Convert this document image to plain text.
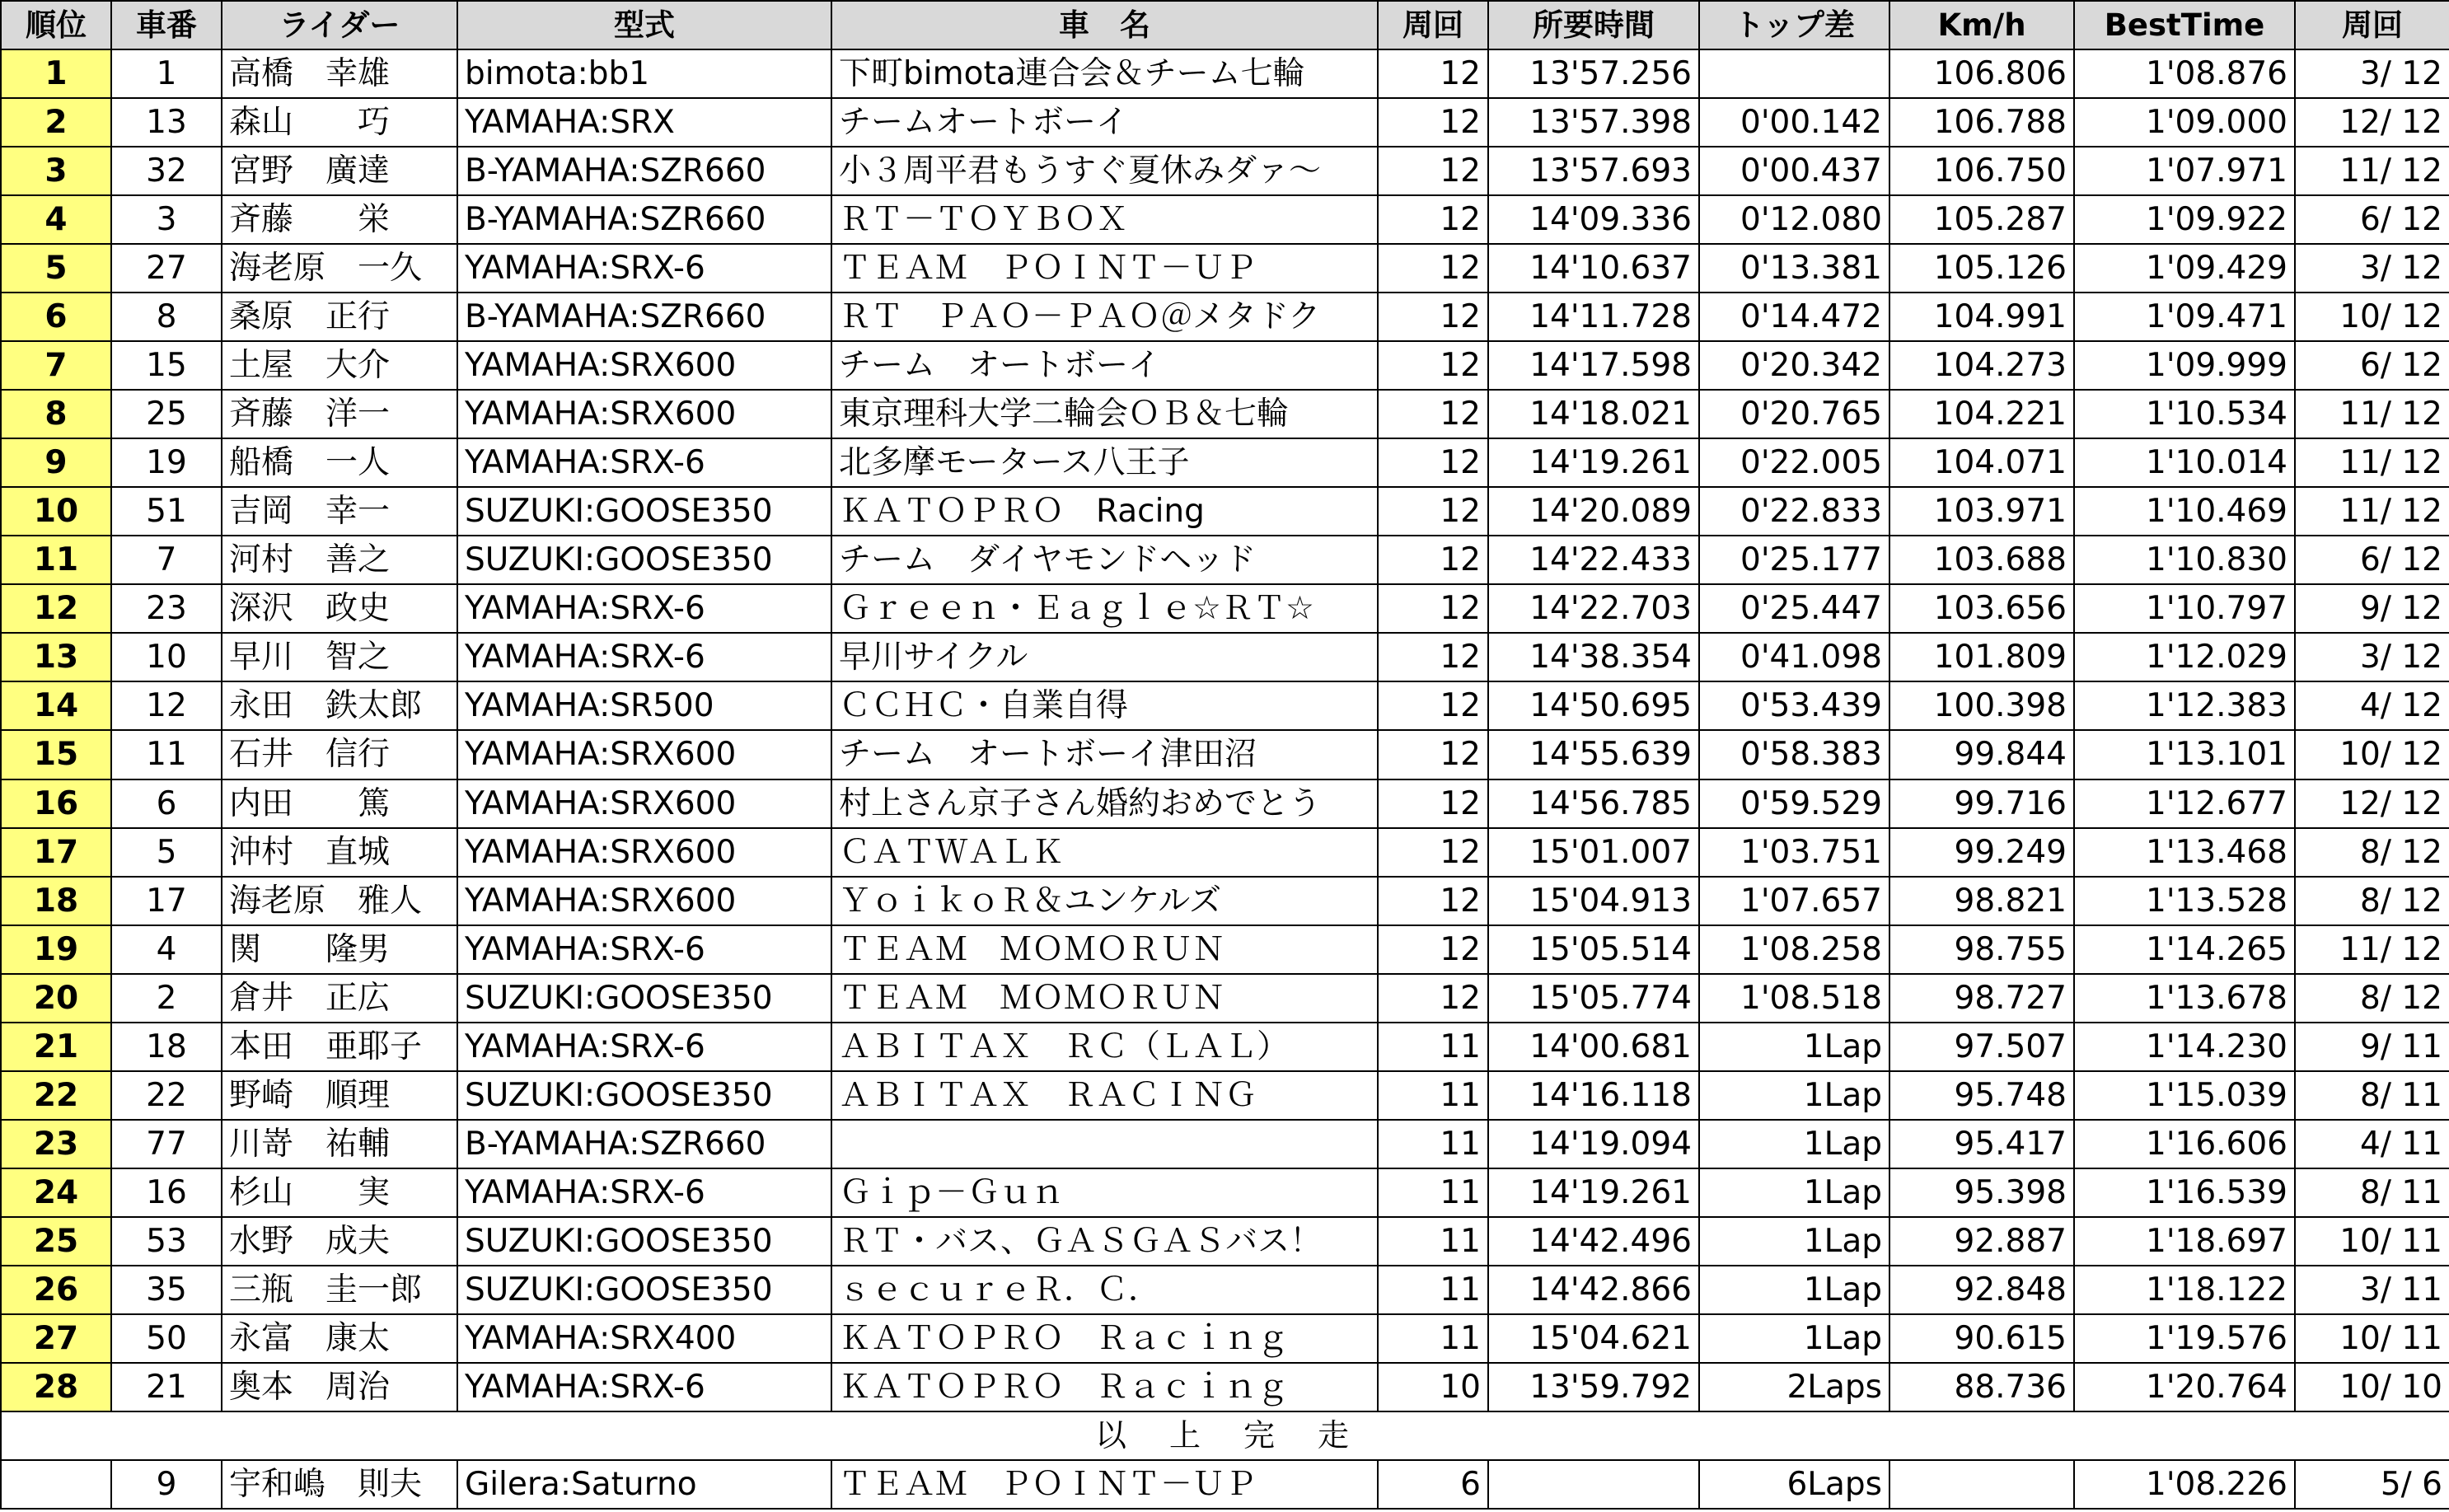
順位	車番	ライダー	型式	車　名	周回	所要時間	トップ差	Km/h	BestTime	周回
1	1	高橋　幸雄	bimota:bb1	下町bimota連合会＆チーム七輪	12	13'57.256		106.806	1'08.876	3/ 12
2	13	森山　　巧	YAMAHA:SRX	チームオートボーイ	12	13'57.398	0'00.142	106.788	1'09.000	12/ 12
3	32	宮野　廣達	B-YAMAHA:SZR660	小３周平君もうすぐ夏休みダァ～	12	13'57.693	0'00.437	106.750	1'07.971	11/ 12
4	3	斉藤　　栄	B-YAMAHA:SZR660	ＲＴ－ＴＯＹＢＯＸ	12	14'09.336	0'12.080	105.287	1'09.922	6/ 12
5	27	海老原　一久	YAMAHA:SRX-6	ＴＥＡＭ　ＰＯＩＮＴ－ＵＰ	12	14'10.637	0'13.381	105.126	1'09.429	3/ 12
6	8	桑原　正行	B-YAMAHA:SZR660	ＲＴ　ＰＡＯ－ＰＡＯ＠メタドク	12	14'11.728	0'14.472	104.991	1'09.471	10/ 12
7	15	土屋　大介	YAMAHA:SRX600	チーム　オートボーイ	12	14'17.598	0'20.342	104.273	1'09.999	6/ 12
8	25	斉藤　洋一	YAMAHA:SRX600	東京理科大学二輪会ＯＢ＆七輪	12	14'18.021	0'20.765	104.221	1'10.534	11/ 12
9	19	船橋　一人	YAMAHA:SRX-6	北多摩モータース八王子	12	14'19.261	0'22.005	104.071	1'10.014	11/ 12
10	51	吉岡　幸一	SUZUKI:GOOSE350	ＫＡＴＯＰＲＯ　Racing	12	14'20.089	0'22.833	103.971	1'10.469	11/ 12
11	7	河村　善之	SUZUKI:GOOSE350	チーム　ダイヤモンドヘッド	12	14'22.433	0'25.177	103.688	1'10.830	6/ 12
12	23	深沢　政史	YAMAHA:SRX-6	Ｇｒｅｅｎ・Ｅａｇｌｅ☆ＲＴ☆	12	14'22.703	0'25.447	103.656	1'10.797	9/ 12
13	10	早川　智之	YAMAHA:SRX-6	早川サイクル	12	14'38.354	0'41.098	101.809	1'12.029	3/ 12
14	12	永田　鉄太郎	YAMAHA:SR500	ＣＣＨＣ・自業自得	12	14'50.695	0'53.439	100.398	1'12.383	4/ 12
15	11	石井　信行	YAMAHA:SRX600	チーム　オートボーイ津田沼	12	14'55.639	0'58.383	99.844	1'13.101	10/ 12
16	6	内田　　篤	YAMAHA:SRX600	村上さん京子さん婚約おめでとう	12	14'56.785	0'59.529	99.716	1'12.677	12/ 12
17	5	沖村　直城	YAMAHA:SRX600	ＣＡＴＷＡＬＫ	12	15'01.007	1'03.751	99.249	1'13.468	8/ 12
18	17	海老原　雅人	YAMAHA:SRX600	ＹｏｉｋｏＲ＆ユンケルズ	12	15'04.913	1'07.657	98.821	1'13.528	8/ 12
19	4	関　　隆男	YAMAHA:SRX-6	ＴＥＡＭ　ＭＯＭＯＲＵＮ	12	15'05.514	1'08.258	98.755	1'14.265	11/ 12
20	2	倉井　正広	SUZUKI:GOOSE350	ＴＥＡＭ　ＭＯＭＯＲＵＮ	12	15'05.774	1'08.518	98.727	1'13.678	8/ 12
21	18	本田　亜耶子	YAMAHA:SRX-6	ＡＢＩＴＡＸ　ＲＣ（ＬＡＬ）	11	14'00.681	1Lap	97.507	1'14.230	9/ 11
22	22	野崎　順理	SUZUKI:GOOSE350	ＡＢＩＴＡＸ　ＲＡＣＩＮＧ	11	14'16.118	1Lap	95.748	1'15.039	8/ 11
23	77	川嵜　祐輔	B-YAMAHA:SZR660		11	14'19.094	1Lap	95.417	1'16.606	4/ 11
24	16	杉山　　実	YAMAHA:SRX-6	Ｇｉｐ－Ｇｕｎ	11	14'19.261	1Lap	95.398	1'16.539	8/ 11
25	53	水野　成夫	SUZUKI:GOOSE350	ＲＴ・バス、ＧＡＳＧＡＳバス！	11	14'42.496	1Lap	92.887	1'18.697	10/ 11
26	35	三瓶　圭一郎	SUZUKI:GOOSE350	ｓｅｃｕｒｅＲ．Ｃ．	11	14'42.866	1Lap	92.848	1'18.122	3/ 11
27	50	永富　康太	YAMAHA:SRX400	ＫＡＴＯＰＲＯ　Ｒａｃｉｎｇ	11	15'04.621	1Lap	90.615	1'19.576	10/ 11
28	21	奥本　周治	YAMAHA:SRX-6	ＫＡＴＯＰＲＯ　Ｒａｃｉｎｇ	10	13'59.792	2Laps	88.736	1'20.764	10/ 10
以上完走										
	9	宇和嶋　則夫	Gilera:Saturno	ＴＥＡＭ　ＰＯＩＮＴ－ＵＰ	6		6Laps		1'08.226	5/ 6
